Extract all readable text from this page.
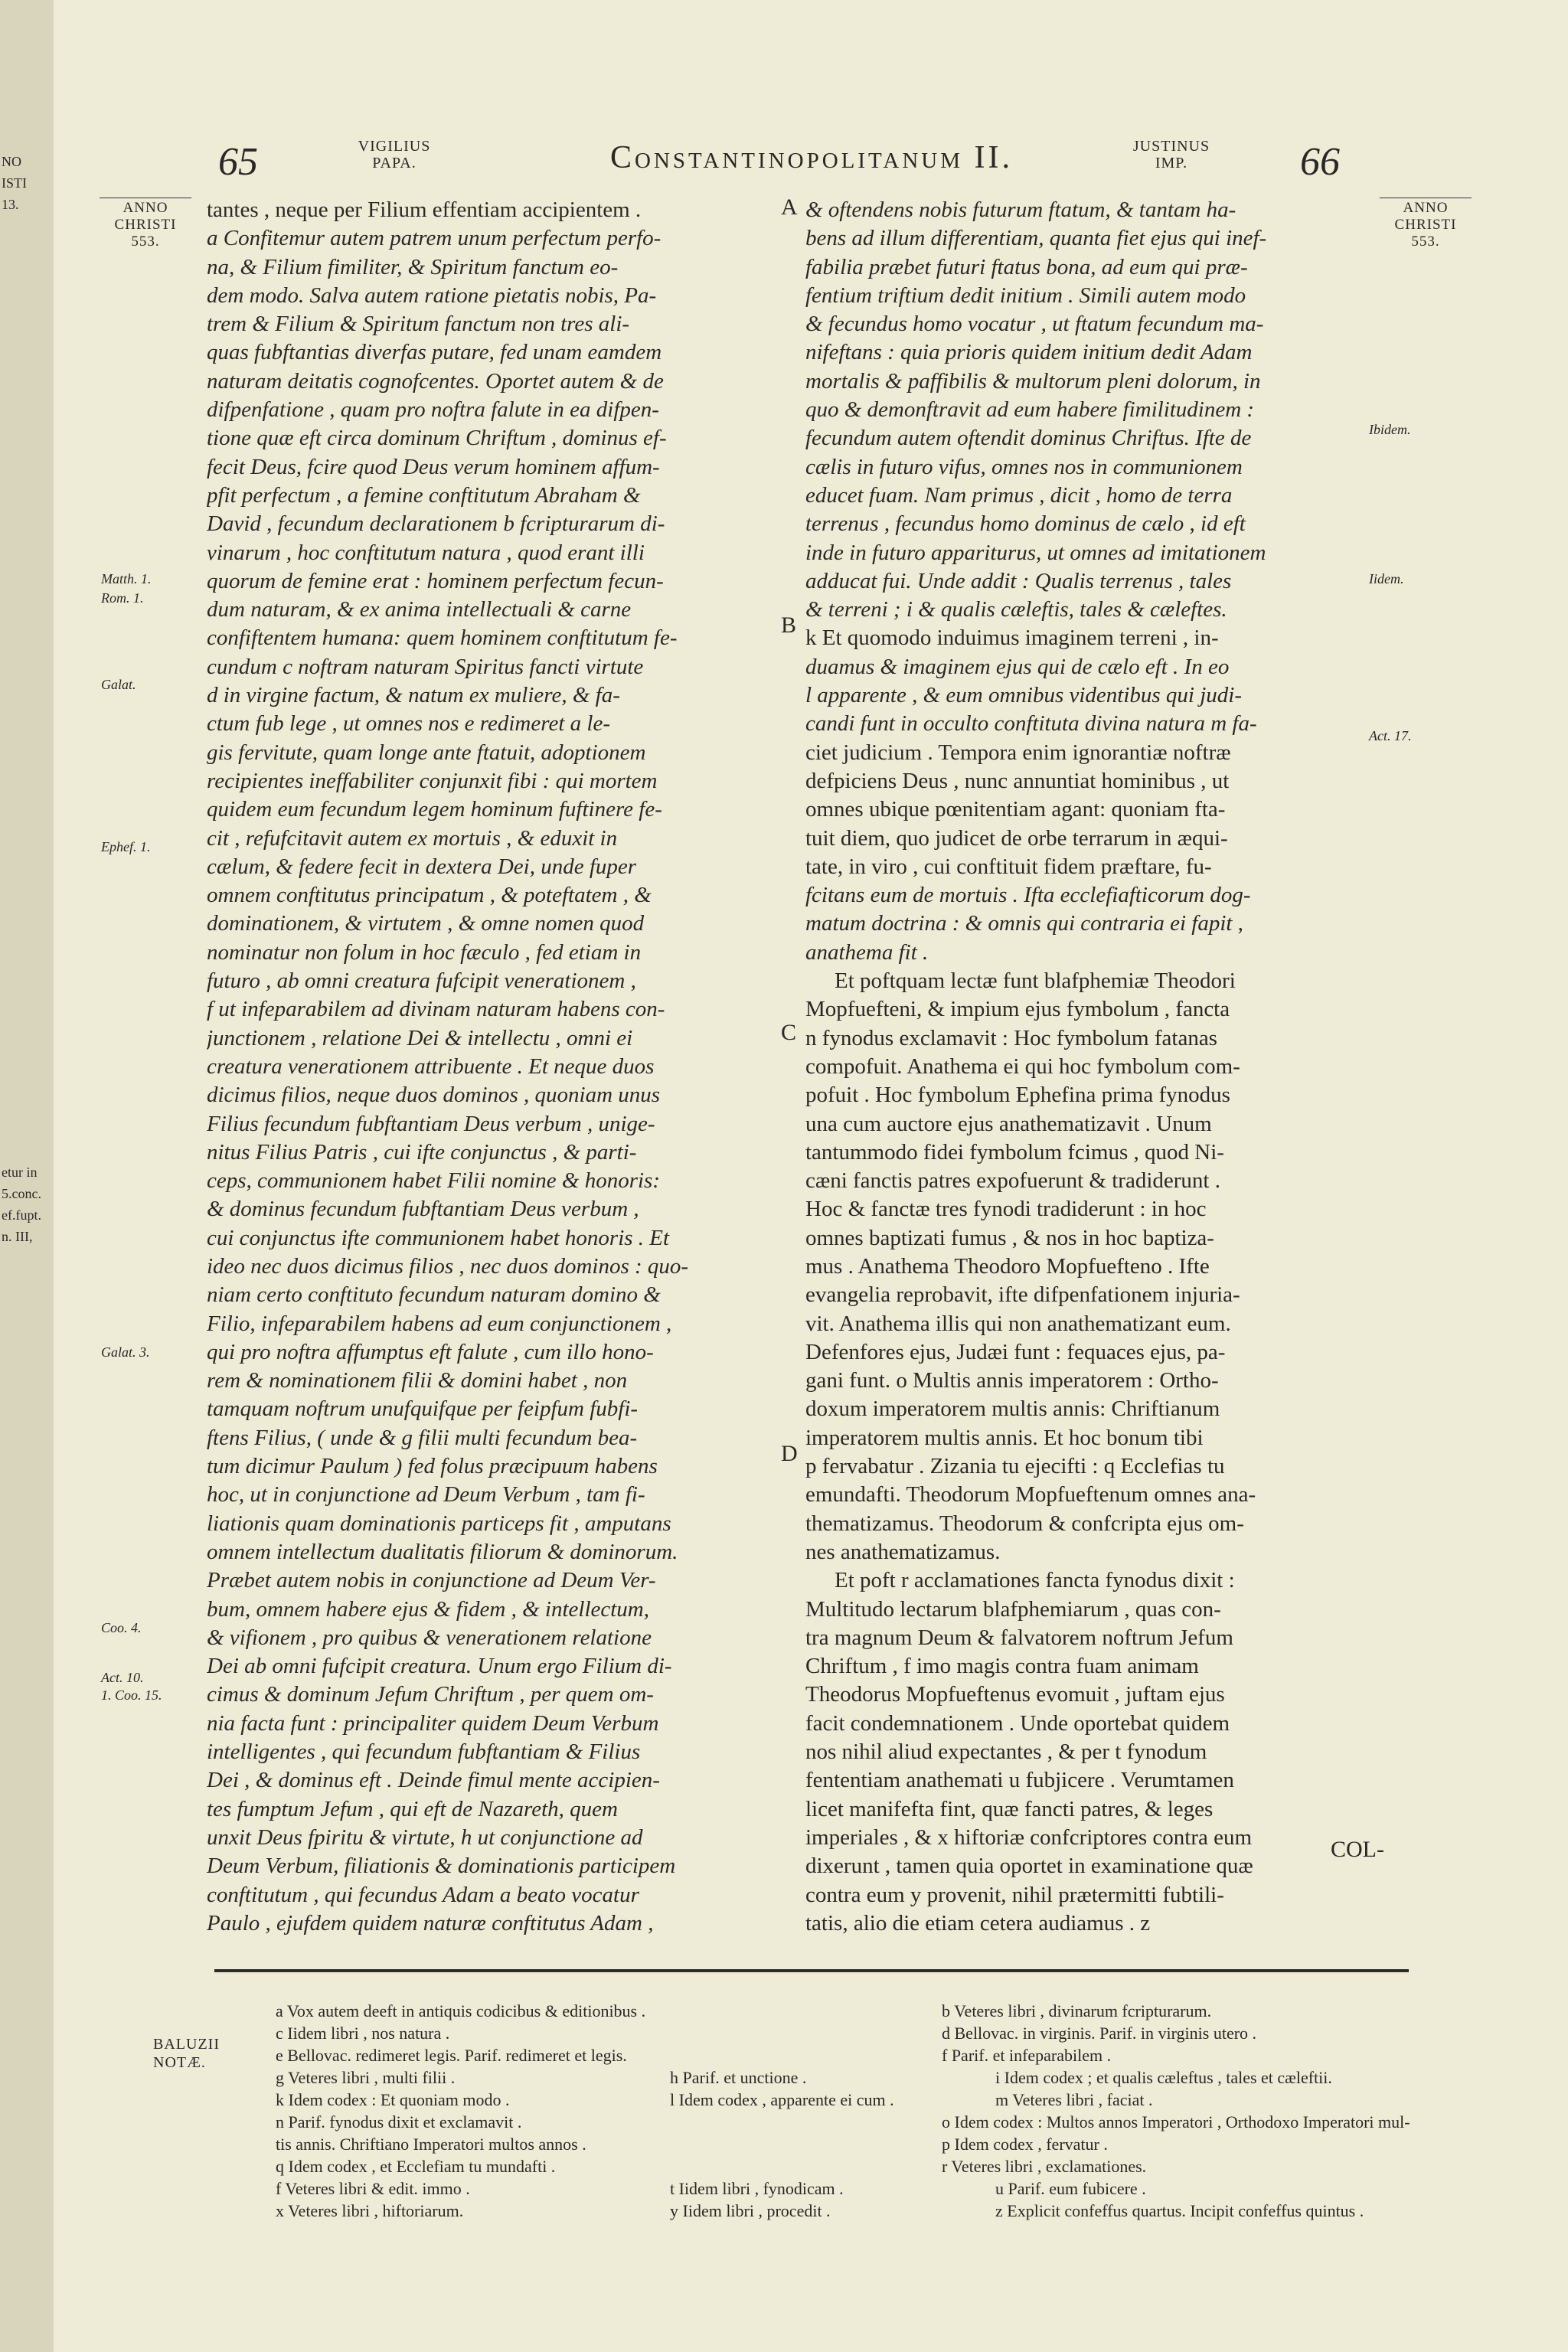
NO
ISTI
13.
etur in
5.conc.
ef.fupt.
n. III,
65	VIGILIUS
PAPA.	Constantinopolitanum II.	JUSTINUS
IMP.	66
ANNO
CHRISTI
553.
ANNO
CHRISTI
553.
Matth. 1.
Rom. 1.
Galat.
Ephef. 1.
Galat. 3.
Coo. 4.
Act. 10.
1. Coo. 15.
Ibidem.
Iidem.
Act. 17.
A
B
C
D
tantes , neque per Filium effentiam accipientem .
a Confitemur autem patrem unum perfectum perfo-
na, & Filium fimiliter, & Spiritum fanctum eo-
dem modo. Salva autem ratione pietatis nobis, Pa-
trem & Filium & Spiritum fanctum non tres ali-
quas fubftantias diverfas putare, fed unam eamdem
naturam deitatis cognofcentes. Oportet autem & de
difpenfatione , quam pro noftra falute in ea difpen-
tione quæ eft circa dominum Chriftum , dominus ef-
fecit Deus, fcire quod Deus verum hominem affum-
pfit perfectum , a femine conftitutum Abraham &
David , fecundum declarationem b fcripturarum di-
vinarum , hoc conftitutum natura , quod erant illi
quorum de femine erat : hominem perfectum fecun-
dum naturam, & ex anima intellectuali & carne
confiftentem humana: quem hominem conftitutum fe-
cundum c noftram naturam Spiritus fancti virtute
d in virgine factum, & natum ex muliere, & fa-
ctum fub lege , ut omnes nos e redimeret a le-
gis fervitute, quam longe ante ftatuit, adoptionem
recipientes ineffabiliter conjunxit fibi : qui mortem
quidem eum fecundum legem hominum fuftinere fe-
cit , refufcitavit autem ex mortuis , & eduxit in
cælum, & federe fecit in dextera Dei, unde fuper
omnem conftitutus principatum , & poteftatem , &
dominationem, & virtutem , & omne nomen quod
nominatur non folum in hoc fæculo , fed etiam in
futuro , ab omni creatura fufcipit venerationem ,
f ut infeparabilem ad divinam naturam habens con-
junctionem , relatione Dei & intellectu , omni ei
creatura venerationem attribuente . Et neque duos
dicimus filios, neque duos dominos , quoniam unus
Filius fecundum fubftantiam Deus verbum , unige-
nitus Filius Patris , cui ifte conjunctus , & parti-
ceps, communionem habet Filii nomine & honoris:
& dominus fecundum fubftantiam Deus verbum ,
cui conjunctus ifte communionem habet honoris . Et
ideo nec duos dicimus filios , nec duos dominos : quo-
niam certo conftituto fecundum naturam domino &
Filio, infeparabilem habens ad eum conjunctionem ,
qui pro noftra affumptus eft falute , cum illo hono-
rem & nominationem filii & domini habet , non
tamquam noftrum unufquifque per feipfum fubfi-
ftens Filius, ( unde & g filii multi fecundum bea-
tum dicimur Paulum ) fed folus præcipuum habens
hoc, ut in conjunctione ad Deum Verbum , tam fi-
liationis quam dominationis particeps fit , amputans
omnem intellectum dualitatis filiorum & dominorum.
Præbet autem nobis in conjunctione ad Deum Ver-
bum, omnem habere ejus & fidem , & intellectum,
& vifionem , pro quibus & venerationem relatione
Dei ab omni fufcipit creatura. Unum ergo Filium di-
cimus & dominum Jefum Chriftum , per quem om-
nia facta funt : principaliter quidem Deum Verbum
intelligentes , qui fecundum fubftantiam & Filius
Dei , & dominus eft . Deinde fimul mente accipien-
tes fumptum Jefum , qui eft de Nazareth, quem
unxit Deus fpiritu & virtute, h ut conjunctione ad
Deum Verbum, filiationis & dominationis participem
conftitutum , qui fecundus Adam a beato vocatur
Paulo , ejufdem quidem naturæ conftitutus Adam ,
& oftendens nobis futurum ftatum, & tantam ha-
bens ad illum differentiam, quanta fiet ejus qui inef-
fabilia præbet futuri ftatus bona, ad eum qui præ-
fentium triftium dedit initium . Simili autem modo
& fecundus homo vocatur , ut ftatum fecundum ma-
nifeftans : quia prioris quidem initium dedit Adam
mortalis & paffibilis & multorum pleni dolorum, in
quo & demonftravit ad eum habere fimilitudinem :
fecundum autem oftendit dominus Chriftus. Ifte de
cælis in futuro vifus, omnes nos in communionem
educet fuam. Nam primus , dicit , homo de terra
terrenus , fecundus homo dominus de cælo , id eft
inde in futuro appariturus, ut omnes ad imitationem
adducat fui. Unde addit : Qualis terrenus , tales
& terreni ; i & qualis cæleftis, tales & cæleftes.
k Et quomodo induimus imaginem terreni , in-
duamus & imaginem ejus qui de cælo eft . In eo
l apparente , & eum omnibus videntibus qui judi-
candi funt in occulto conftituta divina natura m fa-
ciet judicium . Tempora enim ignorantiæ noftræ
defpiciens Deus , nunc annuntiat hominibus , ut
omnes ubique pœnitentiam agant: quoniam fta-
tuit diem, quo judicet de orbe terrarum in æqui-
tate, in viro , cui conftituit fidem præftare, fu-
fcitans eum de mortuis . Ifta ecclefiafticorum dog-
matum doctrina : & omnis qui contraria ei fapit ,
anathema fit .
Et poftquam lectæ funt blafphemiæ Theodori
Mopfuefteni, & impium ejus fymbolum , fancta
n fynodus exclamavit : Hoc fymbolum fatanas
compofuit. Anathema ei qui hoc fymbolum com-
pofuit . Hoc fymbolum Ephefina prima fynodus
una cum auctore ejus anathematizavit . Unum
tantummodo fidei fymbolum fcimus , quod Ni-
cæni fanctis patres expofuerunt & tradiderunt .
Hoc & fanctæ tres fynodi tradiderunt : in hoc
omnes baptizati fumus , & nos in hoc baptiza-
mus . Anathema Theodoro Mopfuefteno . Ifte
evangelia reprobavit, ifte difpenfationem injuria-
vit. Anathema illis qui non anathematizant eum.
Defenfores ejus, Judæi funt : fequaces ejus, pa-
gani funt. o Multis annis imperatorem : Ortho-
doxum imperatorem multis annis: Chriftianum
imperatorem multis annis. Et hoc bonum tibi
p fervabatur . Zizania tu ejecifti : q Ecclefias tu
emundafti. Theodorum Mopfueftenum omnes ana-
thematizamus. Theodorum & confcripta ejus om-
nes anathematizamus.
Et poft r acclamationes fancta fynodus dixit :
Multitudo lectarum blafphemiarum , quas con-
tra magnum Deum & falvatorem noftrum Jefum
Chriftum , f imo magis contra fuam animam
Theodorus Mopfueftenus evomuit , juftam ejus
facit condemnationem . Unde oportebat quidem
nos nihil aliud expectantes , & per t fynodum
fententiam anathemati u fubjicere . Verumtamen
licet manifefta fint, quæ fancti patres, & leges
imperiales , & x hiftoriæ confcriptores contra eum
dixerunt , tamen quia oportet in examinatione quæ
contra eum y provenit, nihil prætermitti fubtili-
tatis, alio die etiam cetera audiamus . z
COL-
BALUZII
NOTÆ.
a Vox autem deeft in antiquis codicibus & editionibus .	b Veteres libri , divinarum fcripturarum.
c Iidem libri , nos natura .	d Bellovac. in virginis. Parif. in virginis utero .
e Bellovac. redimeret legis. Parif. redimeret et legis.	f Parif. et infeparabilem .
g Veteres libri , multi filii .	h Parif. et unctione .	i Idem codex ; et qualis cæleftus , tales et cæleftii.
k Idem codex : Et quoniam modo .	l Idem codex , apparente ei cum .	m Veteres libri , faciat .
n Parif. fynodus dixit et exclamavit .	o Idem codex : Multos annos Imperatori , Orthodoxo Imperatori mul-
tis annis. Chriftiano Imperatori multos annos .	p Idem codex , fervatur .
q Idem codex , et Ecclefiam tu mundafti .	r Veteres libri , exclamationes.
f Veteres libri & edit. immo .	t Iidem libri , fynodicam .	u Parif. eum fubicere .
x Veteres libri , hiftoriarum.	y Iidem libri , procedit .	z Explicit confeffus quartus. Incipit confeffus quintus .
